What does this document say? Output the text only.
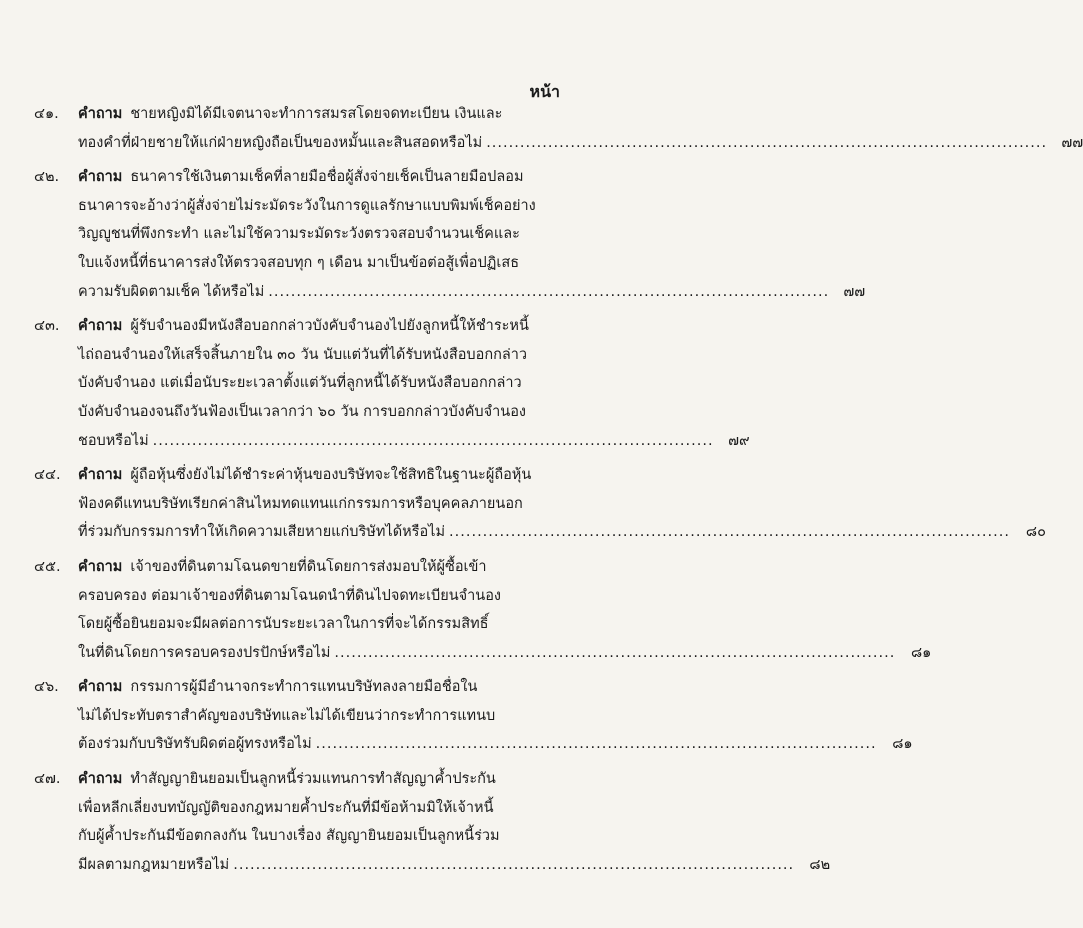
หน้า
๔๑.	คำถาม ชายหญิงมิได้มีเจตนาจะทำการสมรสโดยจดทะเบียน เงินและ
ทองคำที่ฝ่ายชายให้แก่ฝ่ายหญิงถือเป็นของหมั้นและสินสอดหรือไม่ .................................................................................................... ๗๗
๔๒.	คำถาม ธนาคารใช้เงินตามเช็คที่ลายมือชื่อผู้สั่งจ่ายเช็คเป็นลายมือปลอม
ธนาคารจะอ้างว่าผู้สั่งจ่ายไม่ระมัดระวังในการดูแลรักษาแบบพิมพ์เช็คอย่าง
วิญญูชนที่พึงกระทำ และไม่ใช้ความระมัดระวังตรวจสอบจำนวนเช็คและ
ใบแจ้งหนี้ที่ธนาคารส่งให้ตรวจสอบทุก ๆ เดือน มาเป็นข้อต่อสู้เพื่อปฏิเสธ
ความรับผิดตามเช็ค ได้หรือไม่ .................................................................................................... ๗๗
๔๓.	คำถาม ผู้รับจำนองมีหนังสือบอกกล่าวบังคับจำนองไปยังลูกหนี้ให้ชำระหนี้
ไถ่ถอนจำนองให้เสร็จสิ้นภายใน ๓๐ วัน นับแต่วันที่ได้รับหนังสือบอกกล่าว
บังคับจำนอง แต่เมื่อนับระยะเวลาตั้งแต่วันที่ลูกหนี้ได้รับหนังสือบอกกล่าว
บังคับจำนองจนถึงวันฟ้องเป็นเวลากว่า ๖๐ วัน การบอกกล่าวบังคับจำนอง
ชอบหรือไม่ .................................................................................................... ๗๙
๔๔.	คำถาม ผู้ถือหุ้นซึ่งยังไม่ได้ชำระค่าหุ้นของบริษัทจะใช้สิทธิในฐานะผู้ถือหุ้น
ฟ้องคดีแทนบริษัทเรียกค่าสินไหมทดแทนแก่กรรมการหรือบุคคลภายนอก
ที่ร่วมกับกรรมการทำให้เกิดความเสียหายแก่บริษัทได้หรือไม่ ....................................................................................................	๘๐
๔๕.	คำถาม เจ้าของที่ดินตามโฉนดขายที่ดินโดยการส่งมอบให้ผู้ซื้อเข้า
ครอบครอง ต่อมาเจ้าของที่ดินตามโฉนดนำที่ดินไปจดทะเบียนจำนอง
โดยผู้ซื้อยินยอมจะมีผลต่อการนับระยะเวลาในการที่จะได้กรรมสิทธิ์
ในที่ดินโดยการครอบครองปรปักษ์หรือไม่ ....................................................................................................	๘๑
๔๖.	คำถาม กรรมการผู้มีอำนาจกระทำการแทนบริษัทลงลายมือชื่อใน
ไม่ได้ประทับตราสำคัญของบริษัทและไม่ได้เขียนว่ากระทำการแทนบ
ต้องร่วมกับบริษัทรับผิดต่อผู้ทรงหรือไม่ ....................................................................................................	๘๑
๔๗.	คำถาม ทำสัญญายินยอมเป็นลูกหนี้ร่วมแทนการทำสัญญาค้ำประกัน
เพื่อหลีกเลี่ยงบทบัญญัติของกฎหมายค้ำประกันที่มีข้อห้ามมิให้เจ้าหนี้
กับผู้ค้ำประกันมีข้อตกลงกัน ในบางเรื่อง สัญญายินยอมเป็นลูกหนี้ร่วม
มีผลตามกฎหมายหรือไม่ ....................................................................................................	๘๒
